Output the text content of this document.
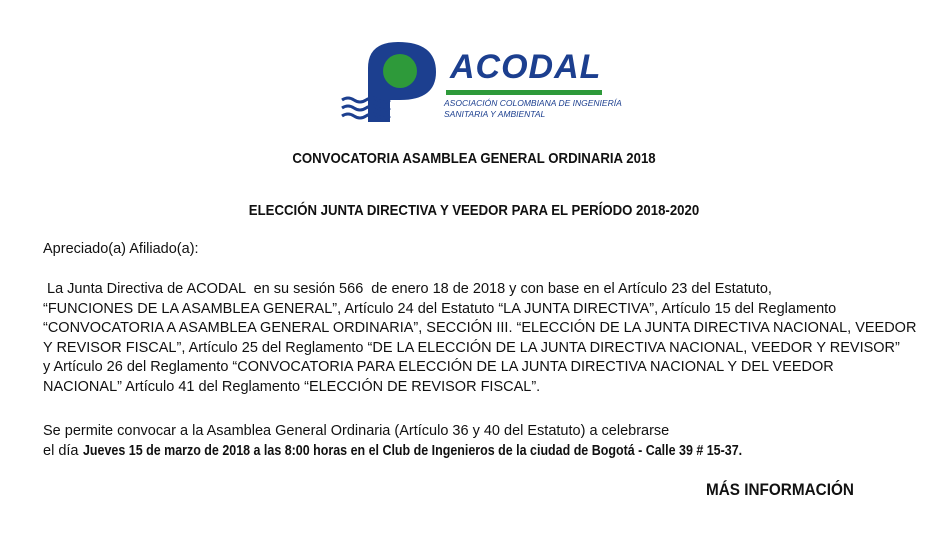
ACODAL
ASOCIACIÓN COLOMBIANA DE INGENIERÍA
SANITARIA Y AMBIENTAL
CONVOCATORIA ASAMBLEA GENERAL ORDINARIA 2018
ELECCIÓN JUNTA DIRECTIVA Y VEEDOR PARA EL PERÍODO 2018-2020
Apreciado(a) Afiliado(a):
La Junta Directiva de ACODAL  en su sesión 566  de enero 18 de 2018 y con base en el Artículo 23 del Estatuto,
“FUNCIONES DE LA ASAMBLEA GENERAL”, Artículo 24 del Estatuto “LA JUNTA DIRECTIVA”, Artículo 15 del Reglamento
“CONVOCATORIA A ASAMBLEA GENERAL ORDINARIA”, SECCIÓN III. “ELECCIÓN DE LA JUNTA DIRECTIVA NACIONAL, VEEDOR
Y REVISOR FISCAL”, Artículo 25 del Reglamento “DE LA ELECCIÓN DE LA JUNTA DIRECTIVA NACIONAL, VEEDOR Y REVISOR”
y Artículo 26 del Reglamento “CONVOCATORIA PARA ELECCIÓN DE LA JUNTA DIRECTIVA NACIONAL Y DEL VEEDOR
NACIONAL” Artículo 41 del Reglamento “ELECCIÓN DE REVISOR FISCAL”.
Se permite convocar a la Asamblea General Ordinaria (Artículo 36 y 40 del Estatuto) a celebrarse
el día Jueves 15 de marzo de 2018 a las 8:00 horas en el Club de Ingenieros de la ciudad de Bogotá - Calle 39 # 15-37.
MÁS INFORMACIÓN
